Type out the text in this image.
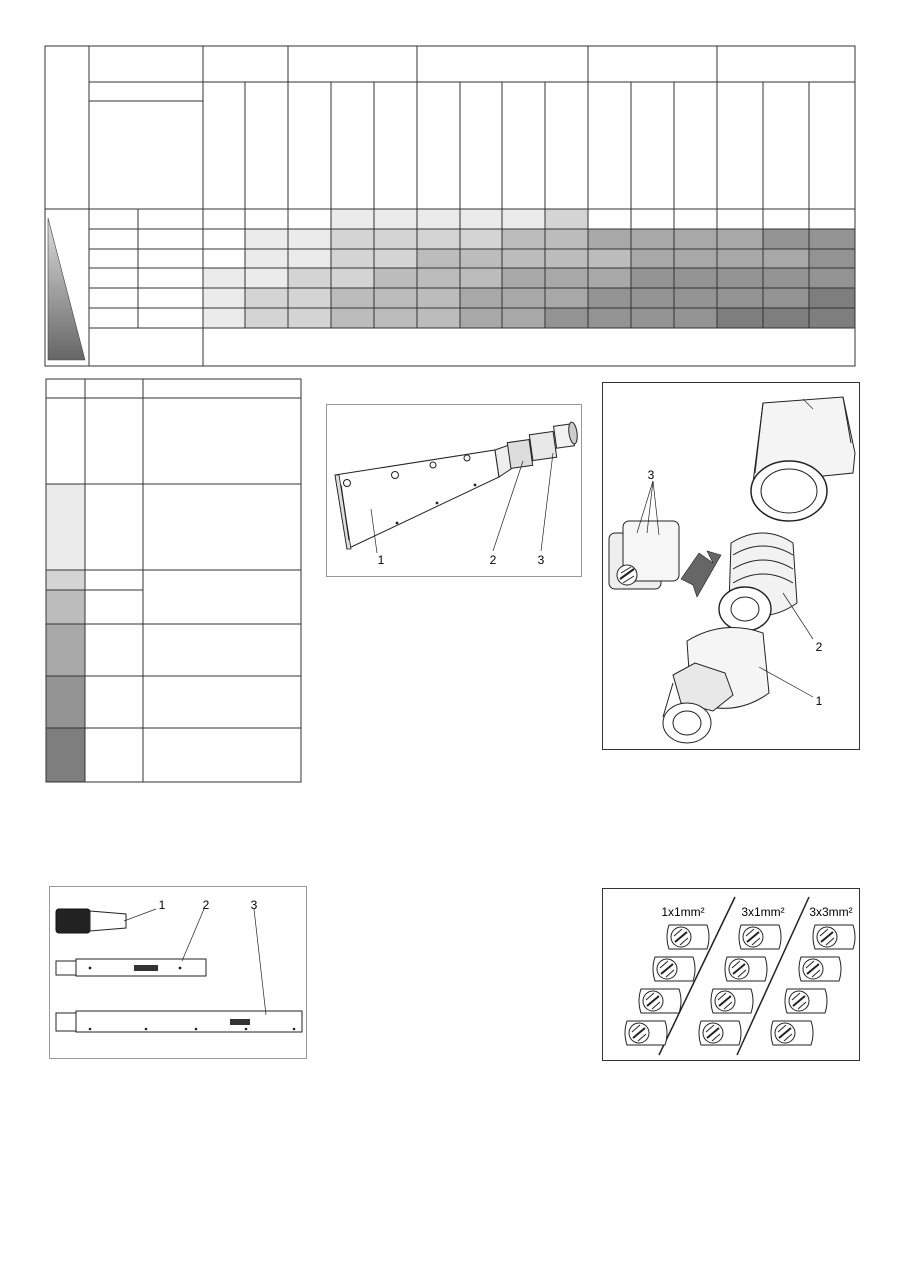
1	2	3
3
2
1
1	2	3	1x1mm²	3x1mm² 3x3mm²
